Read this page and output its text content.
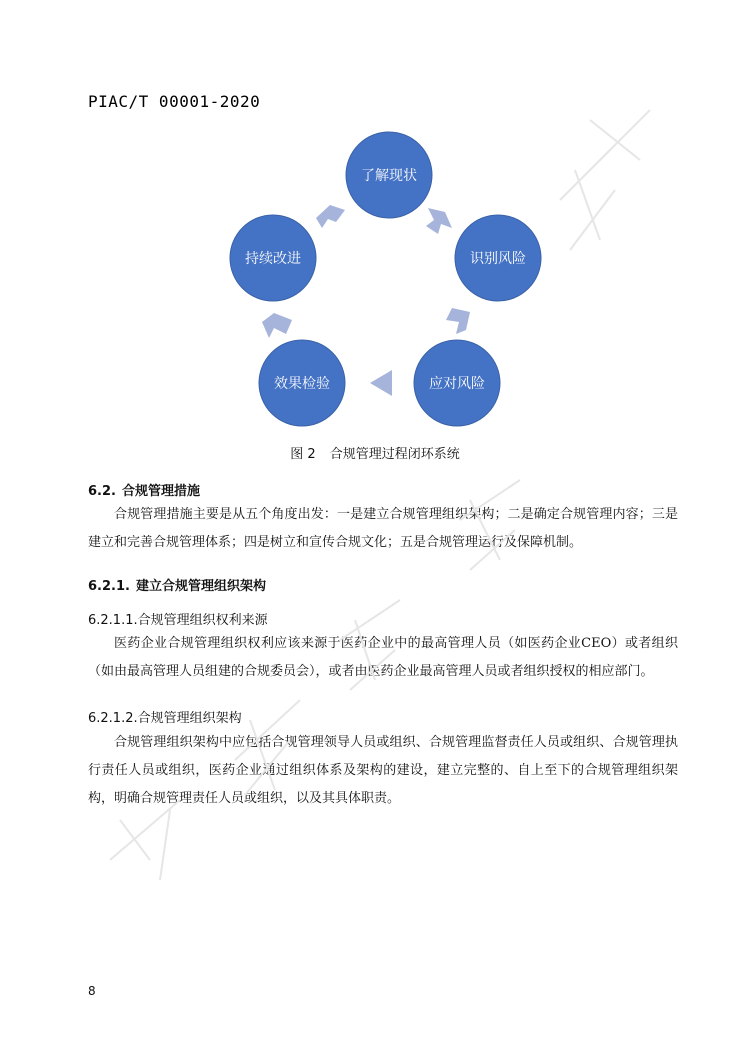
PIAC/T 00001-2020
了解现状
识别风险
应对风险
效果检验
持续改进
图 2 合规管理过程闭环系统
6.2. 合规管理措施
合规管理措施主要是从五个角度出发：一是建立合规管理组织架构；二是确定合规管理内容；三是建立和完善合规管理体系；四是树立和宣传合规文化；五是合规管理运行及保障机制。
6.2.1. 建立合规管理组织架构
6.2.1.1.合规管理组织权利来源
医药企业合规管理组织权利应该来源于医药企业中的最高管理人员（如医药企业CEO）或者组织（如由最高管理人员组建的合规委员会），或者由医药企业最高管理人员或者组织授权的相应部门。
6.2.1.2.合规管理组织架构
合规管理组织架构中应包括合规管理领导人员或组织、合规管理监督责任人员或组织、合规管理执行责任人员或组织，医药企业通过组织体系及架构的建设，建立完整的、自上至下的合规管理组织架构，明确合规管理责任人员或组织，以及其具体职责。
8
